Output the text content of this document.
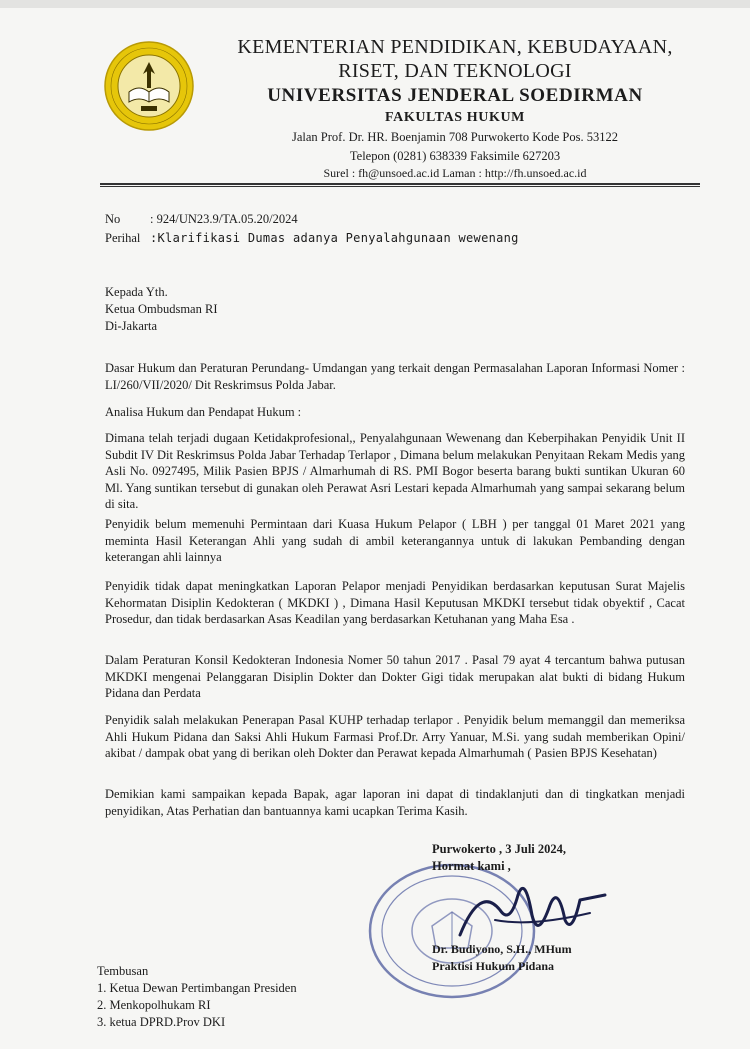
KEMENTERIAN PENDIDIKAN, KEBUDAYAAN,
RISET, DAN TEKNOLOGI
UNIVERSITAS JENDERAL SOEDIRMAN
FAKULTAS HUKUM
Jalan Prof. Dr. HR. Boenjamin 708 Purwokerto Kode Pos. 53122
Telepon (0281) 638339 Faksimile 627203
Surel : fh@unsoed.ac.id Laman : http://fh.unsoed.ac.id
No : 924/UN23.9/TA.05.20/2024
Perihal :Klarifikasi Dumas adanya Penyalahgunaan wewenang
Kepada Yth.
Ketua Ombudsman RI
Di-Jakarta
Dasar Hukum dan Peraturan Perundang- Umdangan yang terkait dengan Permasalahan Laporan Informasi Nomer : LI/260/VII/2020/ Dit Reskrimsus Polda Jabar.
Analisa Hukum dan Pendapat Hukum :
Dimana telah terjadi dugaan Ketidakprofesional,, Penyalahgunaan Wewenang dan Keberpihakan Penyidik Unit II Subdit IV Dit Reskrimsus Polda Jabar Terhadap Terlapor , Dimana belum melakukan Penyitaan Rekam Medis yang Asli No. 0927495, Milik Pasien BPJS / Almarhumah di RS. PMI Bogor beserta barang bukti suntikan Ukuran 60 Ml. Yang suntikan tersebut di gunakan oleh Perawat Asri Lestari kepada Almarhumah yang sampai sekarang belum di sita.
Penyidik belum memenuhi Permintaan dari Kuasa Hukum Pelapor ( LBH ) per tanggal 01 Maret 2021 yang meminta Hasil Keterangan Ahli yang sudah di ambil keterangannya untuk di lakukan Pembanding dengan keterangan ahli lainnya
Penyidik tidak dapat meningkatkan Laporan Pelapor menjadi Penyidikan berdasarkan keputusan Surat Majelis Kehormatan Disiplin Kedokteran ( MKDKI ) , Dimana Hasil Keputusan MKDKI tersebut tidak obyektif , Cacat Prosedur, dan tidak berdasarkan Asas Keadilan yang berdasarkan Ketuhanan yang Maha Esa .
Dalam Peraturan Konsil Kedokteran Indonesia Nomer 50 tahun 2017 . Pasal 79 ayat 4 tercantum bahwa putusan MKDKI mengenai Pelanggaran Disiplin Dokter dan Dokter Gigi tidak merupakan alat bukti di bidang Hukum Pidana dan Perdata
Penyidik salah melakukan Penerapan Pasal KUHP terhadap terlapor . Penyidik belum memanggil dan memeriksa Ahli Hukum Pidana dan Saksi Ahli Hukum Farmasi Prof.Dr. Arry Yanuar, M.Si. yang sudah memberikan Opini/ akibat / dampak obat yang di berikan oleh Dokter dan Perawat kepada Almarhumah ( Pasien BPJS Kesehatan)
Demikian kami sampaikan kepada Bapak, agar laporan ini dapat di tindaklanjuti dan di tingkatkan menjadi penyidikan, Atas Perhatian dan bantuannya kami ucapkan Terima Kasih.
Purwokerto , 3 Juli 2024,
Hormat kami ,
Dr. Budiyono, S.H., MHum
Praktisi Hukum Pidana
Tembusan
1. Ketua Dewan Pertimbangan Presiden
2. Menkopolhukam RI
3. ketua DPRD.Prov DKI
